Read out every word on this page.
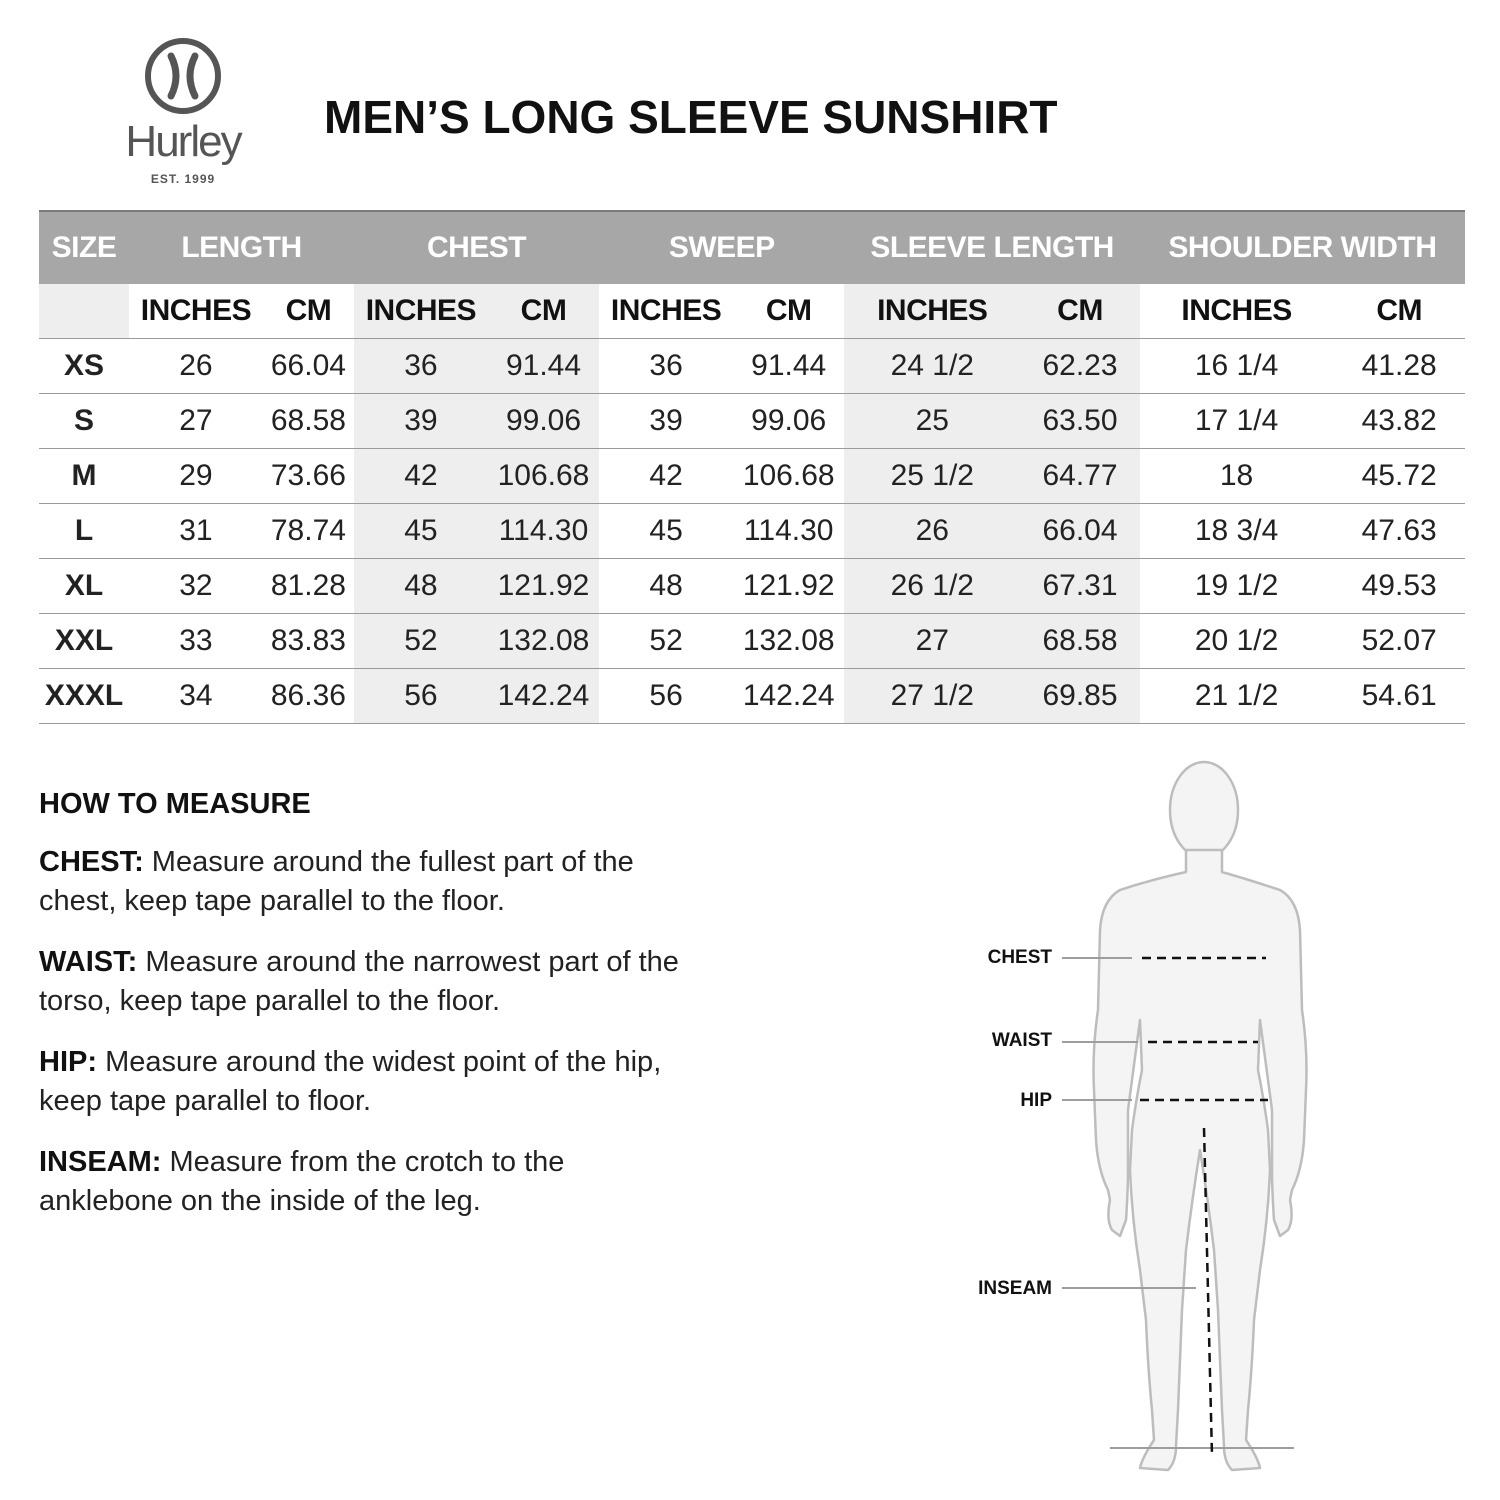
Hurley
EST. 1999
MEN’S LONG SLEEVE SUNSHIRT
SIZE	LENGTH		CHEST		SWEEP		SLEEVE LENGTH		SHOULDER WIDTH	
	INCHES	CM	INCHES	CM	INCHES	CM	INCHES	CM	INCHES	CM
XS	26	66.04	36	91.44	36	91.44	24 1/2	62.23	16 1/4	41.28
S	27	68.58	39	99.06	39	99.06	25	63.50	17 1/4	43.82
M	29	73.66	42	106.68	42	106.68	25 1/2	64.77	18	45.72
L	31	78.74	45	114.30	45	114.30	26	66.04	18 3/4	47.63
XL	32	81.28	48	121.92	48	121.92	26 1/2	67.31	19 1/2	49.53
XXL	33	83.83	52	132.08	52	132.08	27	68.58	20 1/2	52.07
XXXL	34	86.36	56	142.24	56	142.24	27 1/2	69.85	21 1/2	54.61
HOW TO MEASURE

CHEST: Measure around the fullest part of the chest, keep tape parallel to the floor.

WAIST: Measure around the narrowest part of the torso, keep tape parallel to the floor.

HIP: Measure around the widest point of the hip, keep tape parallel to floor.

INSEAM: Measure from the crotch to the anklebone on the inside of the leg.

CHEST
WAIST
HIP
INSEAM
